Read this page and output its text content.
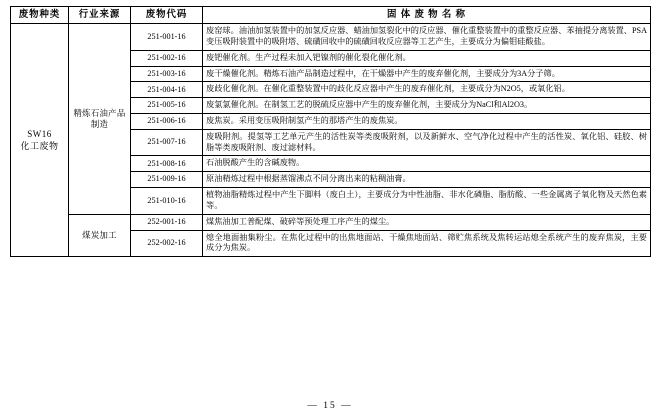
废物种类	行业来源	废物代码	固 体 废 物 名 称
SW16
化工废物	精炼石油产品制造	251-001-16	废窑球。油油加氢装置中的加氢反应器、蜡油加氢裂化中的反应器、催化重整装置中的重整反应器、苯抽提分离装置、PSA变压吸附装置中的吸附塔、硫磺回收中的硫磺回收反应器等工艺产生，主要成分为偏钼硅酸盐。
		251-002-16	废钯催化剂。生产过程未加入钯镍剂的催化裂化催化剂。
		251-003-16	废干燥催化剂。精炼石油产品制造过程中，在干燥器中产生的废弃催化剂，主要成分为3A分子筛。
		251-004-16	废歧化催化剂。在催化重整装置中的歧化反应器中产生的废弃催化剂，主要成分为N2O5，或氧化铝。
		251-005-16	废氯氯催化剂。在制氢工艺的脱硫反应器中产生的废弃催化剂，主要成分为NaCl和Al2O3。
		251-006-16	废焦炭。采用变压吸附制氢产生的那塔产生的废焦炭。
		251-007-16	废吸附剂。提氢等工艺单元产生的活性炭等类废吸附剂，以及新鲜水、空气净化过程中产生的活性炭、氧化铝、硅胶、树脂等类废吸附剂、废过滤材料。
		251-008-16	石油脱酸产生的含碱废物。
		251-009-16	原油精炼过程中根据蒸馏沸点不同分离出来的粘稠油膏。
		251-010-16	植物油脂精炼过程中产生下脚料（废白土），主要成分为中性油脂、非水化磷脂、脂肪酸、一些金属离子氧化物及天然色素等。
	煤炭加工	252-001-16	煤焦油加工普配煤、破碎等预处理工序产生的煤尘。
		252-002-16	熄全地面抽集粉尘。在焦化过程中的出焦地面站、干燥焦地面站、筛贮焦系统及焦转运站熄全系统产生的废弃焦炭，主要成分为焦炭。
— 15 —
